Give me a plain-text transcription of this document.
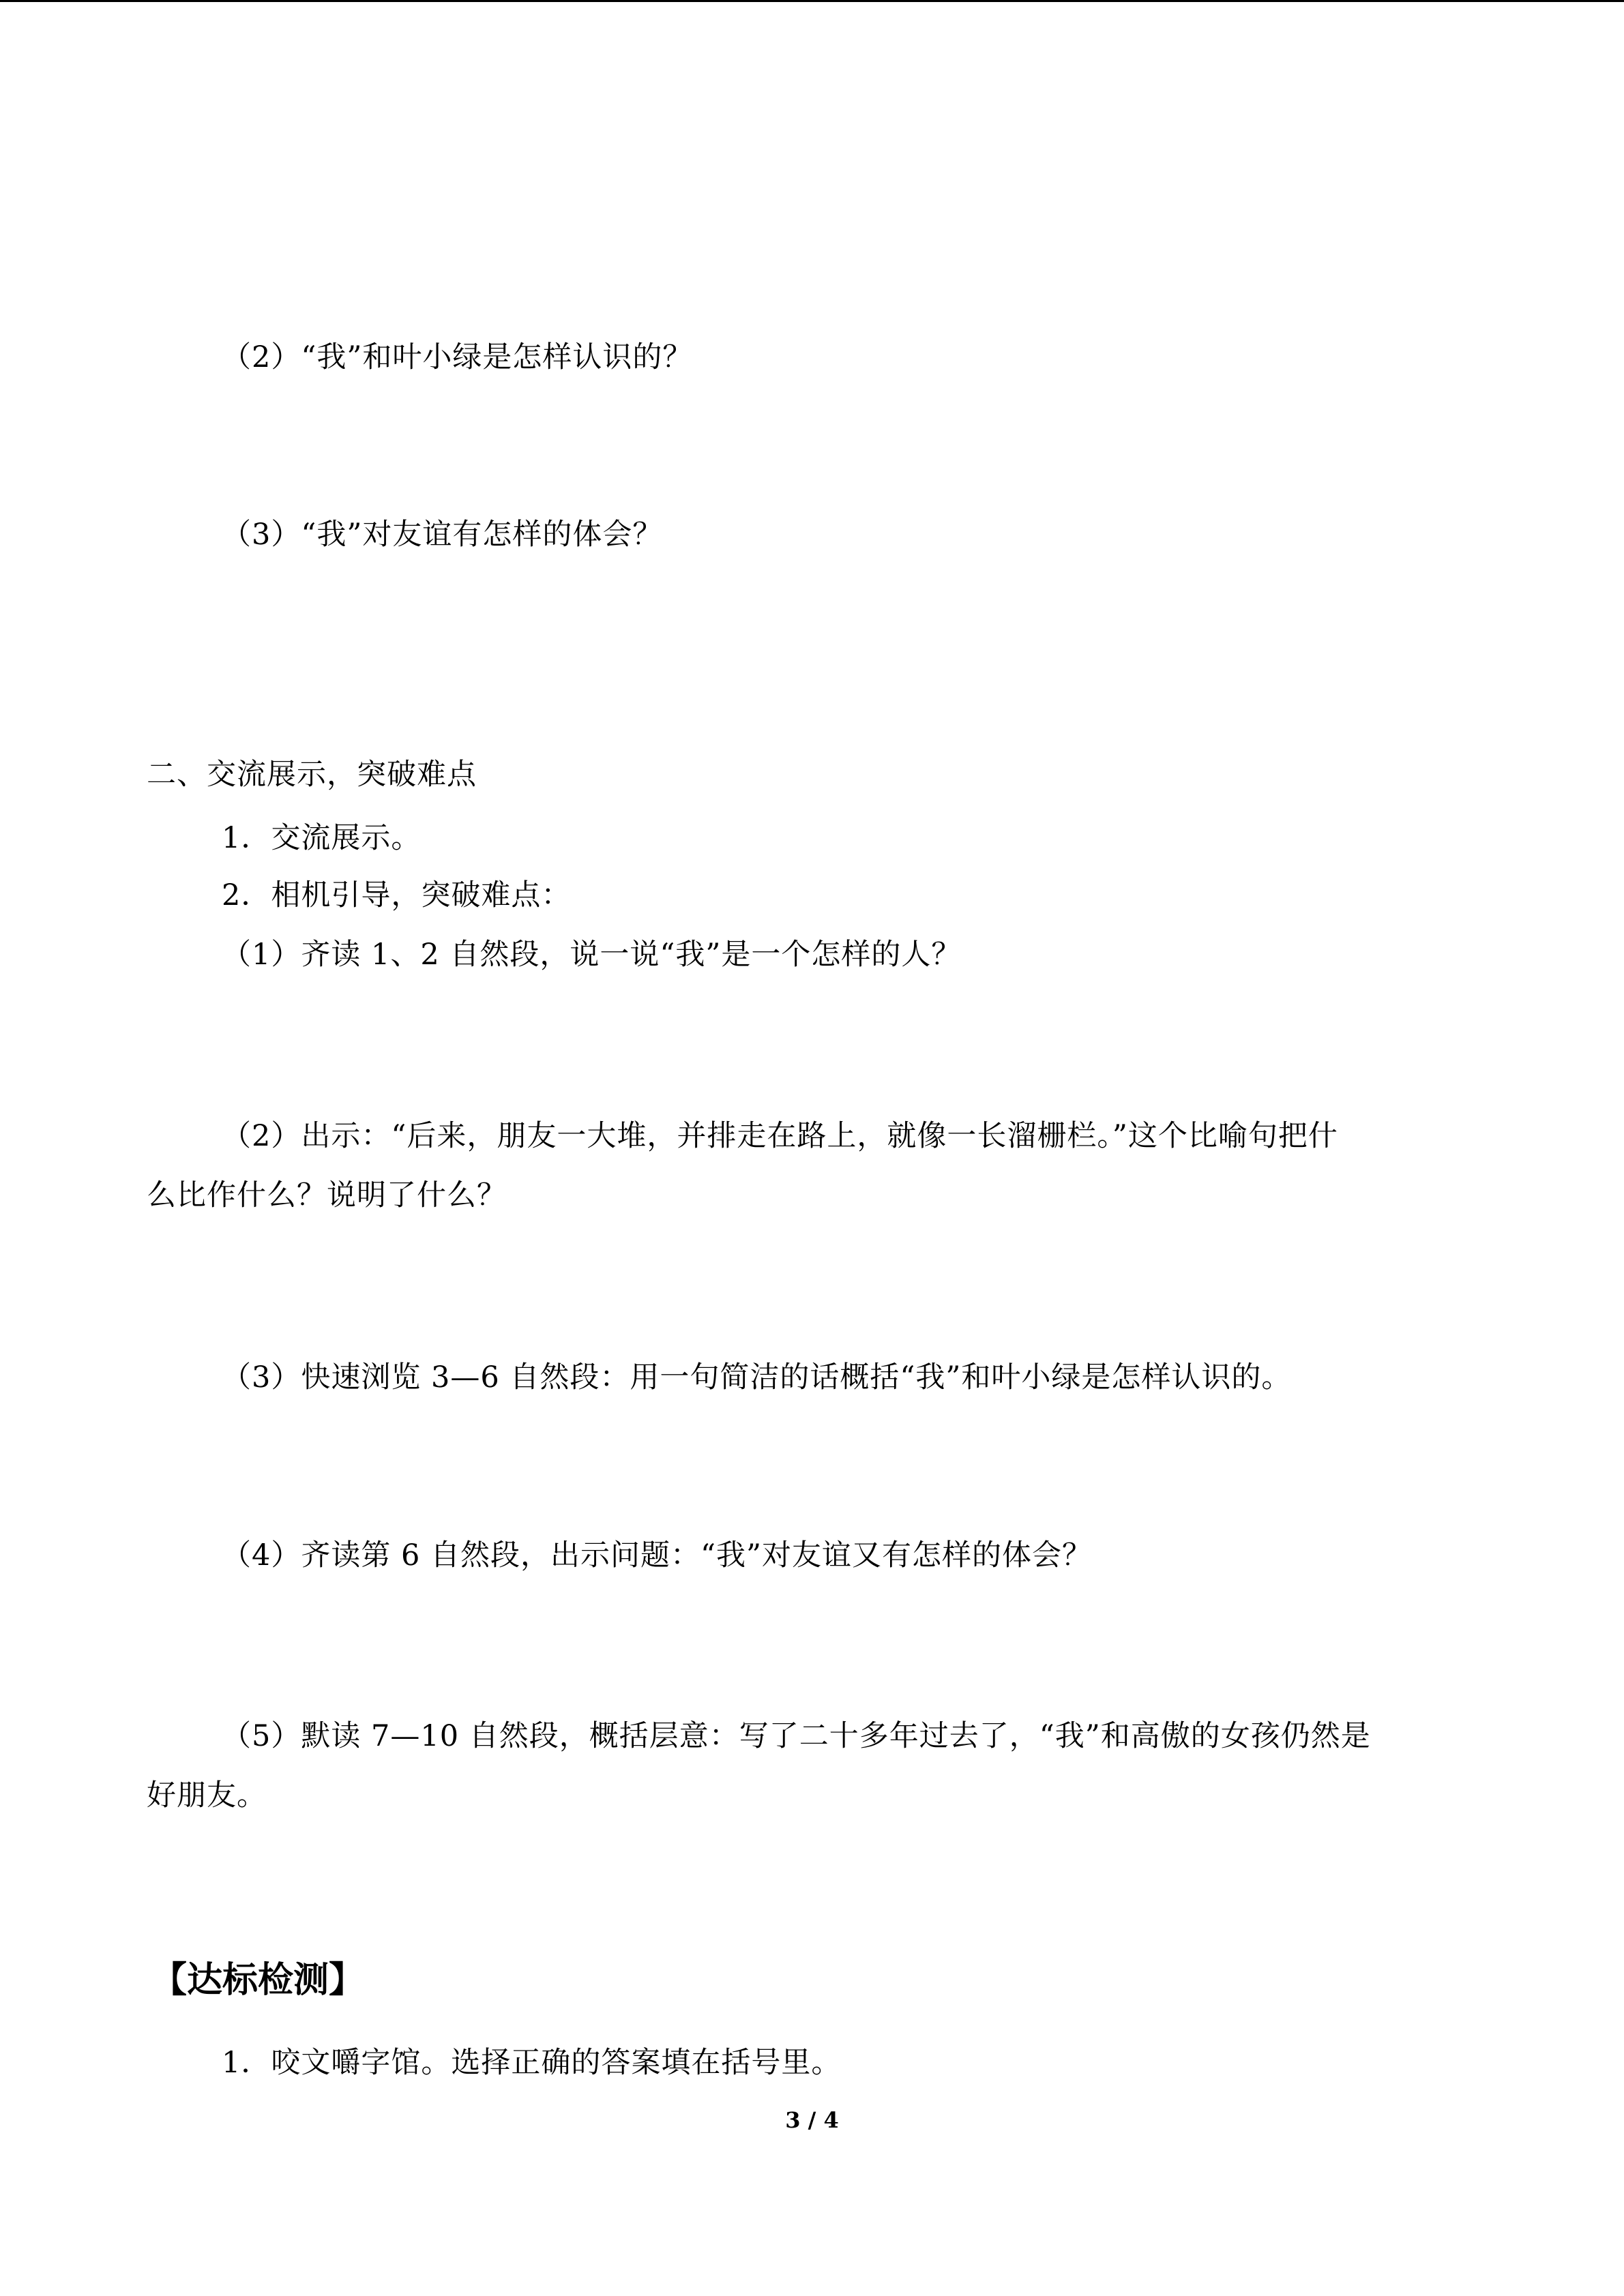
（2）“我”和叶小绿是怎样认识的？
（3）“我”对友谊有怎样的体会？
二、交流展示，突破难点
1．交流展示。
2．相机引导，突破难点：
（1）齐读 1、2 自然段，说一说“我”是一个怎样的人？
（2）出示：“后来，朋友一大堆，并排走在路上，就像一长溜栅栏。”这个比喻句把什
么比作什么？说明了什么？
（3）快速浏览 3—6 自然段：用一句简洁的话概括“我”和叶小绿是怎样认识的。
（4）齐读第 6 自然段，出示问题：“我”对友谊又有怎样的体会？
（5）默读 7—10 自然段，概括层意：写了二十多年过去了，“我”和高傲的女孩仍然是
好朋友。
【达标检测】
1．咬文嚼字馆。选择正确的答案填在括号里。
3 / 4
